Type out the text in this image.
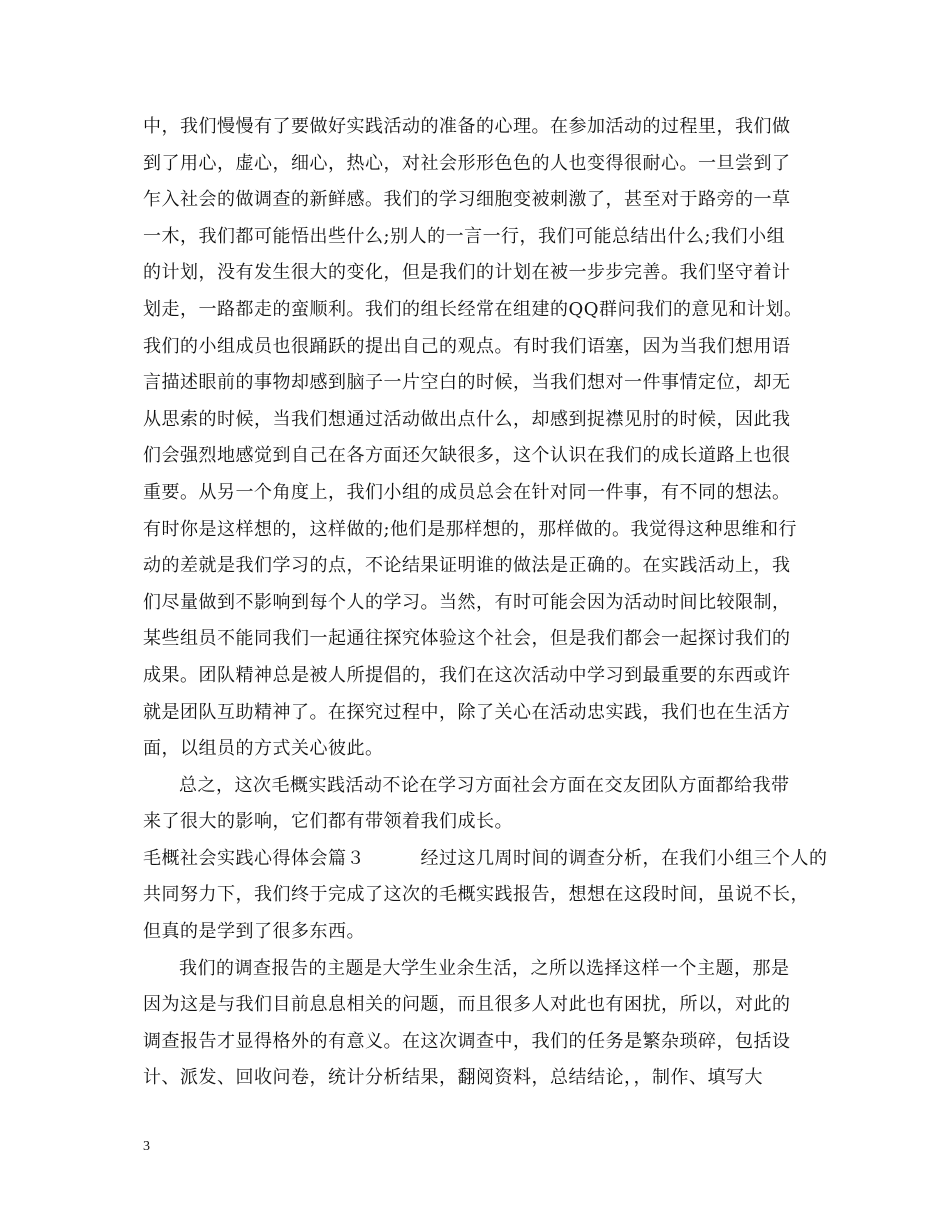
中，我们慢慢有了要做好实践活动的准备的心理。在参加活动的过程里，我们做
到了用心，虚心，细心，热心，对社会形形色色的人也变得很耐心。一旦尝到了
乍入社会的做调查的新鲜感。我们的学习细胞变被刺激了，甚至对于路旁的一草
一木，我们都可能悟出些什么;别人的一言一行，我们可能总结出什么;我们小组
的计划，没有发生很大的变化，但是我们的计划在被一步步完善。我们坚守着计
划走，一路都走的蛮顺利。我们的组长经常在组建的QQ群问我们的意见和计划。
我们的小组成员也很踊跃的提出自己的观点。有时我们语塞，因为当我们想用语
言描述眼前的事物却感到脑子一片空白的时候，当我们想对一件事情定位，却无
从思索的时候，当我们想通过活动做出点什么，却感到捉襟见肘的时候，因此我
们会强烈地感觉到自己在各方面还欠缺很多，这个认识在我们的成长道路上也很
重要。从另一个角度上，我们小组的成员总会在针对同一件事，有不同的想法。
有时你是这样想的，这样做的;他们是那样想的，那样做的。我觉得这种思维和行
动的差就是我们学习的点，不论结果证明谁的做法是正确的。在实践活动上，我
们尽量做到不影响到每个人的学习。当然，有时可能会因为活动时间比较限制，
某些组员不能同我们一起通往探究体验这个社会，但是我们都会一起探讨我们的
成果。团队精神总是被人所提倡的，我们在这次活动中学习到最重要的东西或许
就是团队互助精神了。在探究过程中，除了关心在活动忠实践，我们也在生活方
面，以组员的方式关心彼此。
总之，这次毛概实践活动不论在学习方面社会方面在交友团队方面都给我带
来了很大的影响，它们都有带领着我们成长。
毛概社会实践心得体会篇３　　　经过这几周时间的调查分析，在我们小组三个人的
共同努力下，我们终于完成了这次的毛概实践报告，想想在这段时间，虽说不长，
但真的是学到了很多东西。
我们的调查报告的主题是大学生业余生活，之所以选择这样一个主题，那是
因为这是与我们目前息息相关的问题，而且很多人对此也有困扰，所以，对此的
调查报告才显得格外的有意义。在这次调查中，我们的任务是繁杂琐碎，包括设
计、派发、回收问卷，统计分析结果，翻阅资料，总结结论，，制作、填写大
3
